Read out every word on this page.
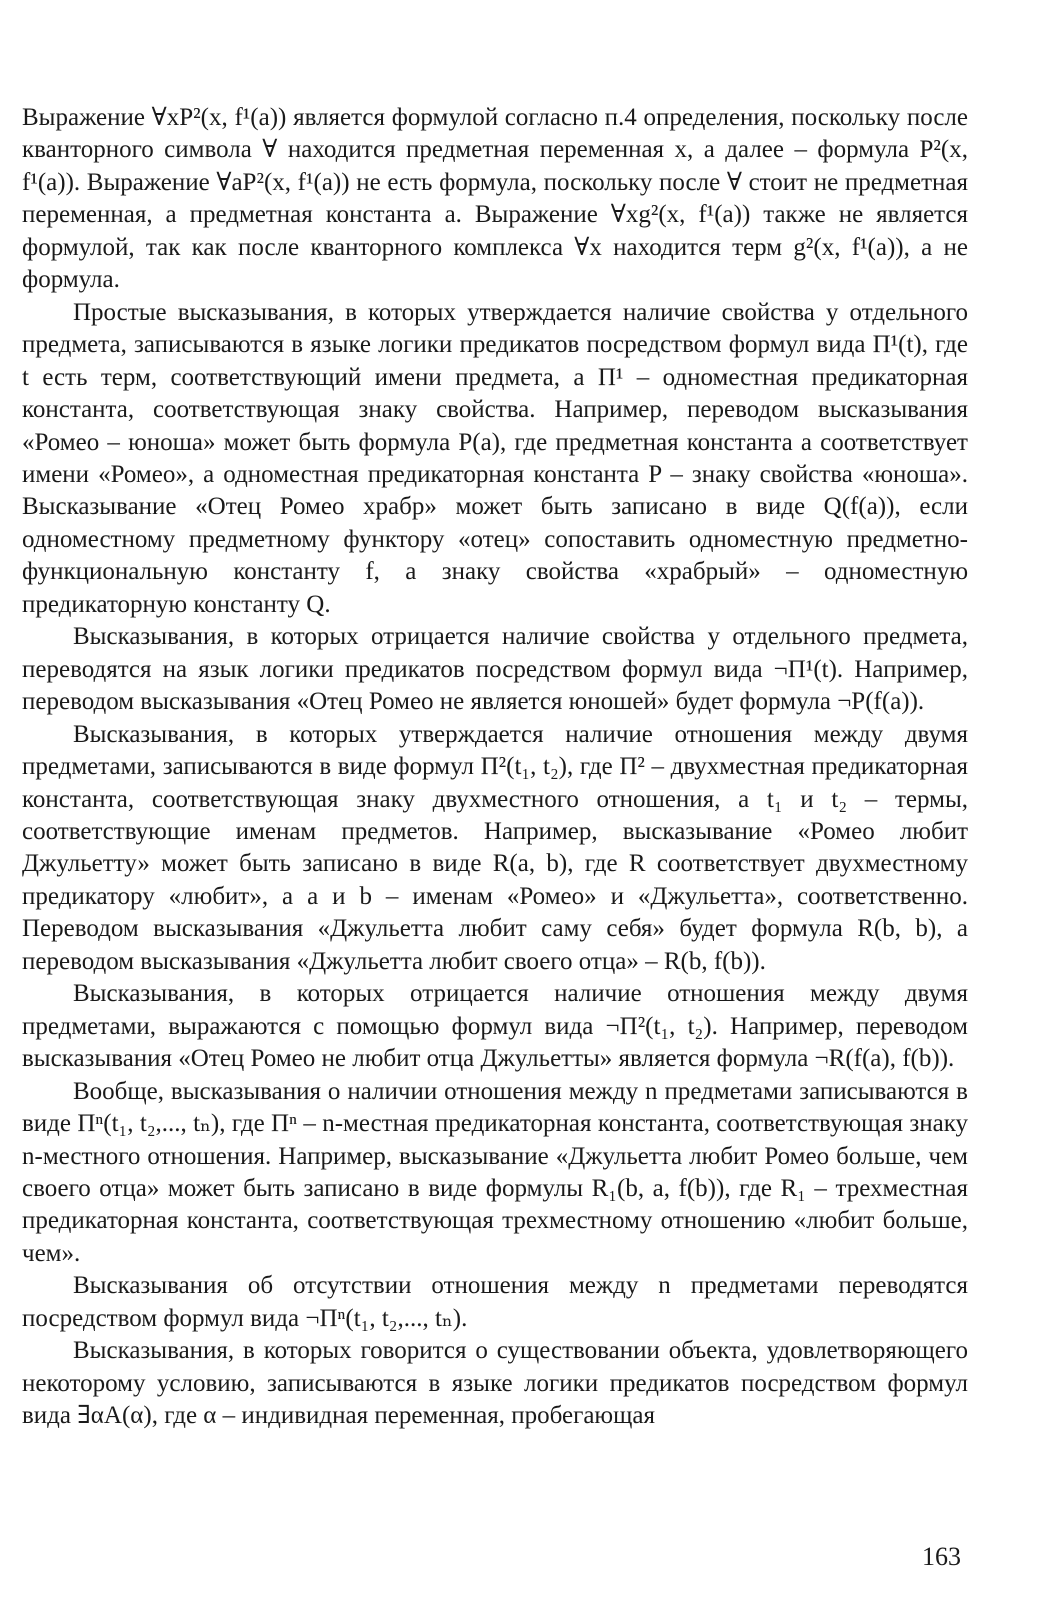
Выражение ∀xP²(x, f¹(a)) является формулой согласно п.4 определения, поскольку после кванторного символа ∀ находится предметная переменная x, а далее – формула P²(x, f¹(a)). Выражение ∀aP²(x, f¹(a)) не есть формула, поскольку после ∀ стоит не предметная переменная, а предметная константа a. Выражение ∀xg²(x, f¹(a)) также не является формулой, так как после кванторного комплекса ∀x находится терм g²(x, f¹(a)), а не формула.

Простые высказывания, в которых утверждается наличие свойства у отдельного предмета, записываются в языке логики предикатов посредством формул вида Π¹(t), где t есть терм, соответствующий имени предмета, а Π¹ – одноместная предикаторная константа, соответствующая знаку свойства. Например, переводом высказывания «Ромео – юноша» может быть формула P(a), где предметная константа a соответствует имени «Ромео», а одноместная предикаторная константа P – знаку свойства «юноша». Высказывание «Отец Ромео храбр» может быть записано в виде Q(f(a)), если одноместному предметному функтору «отец» сопоставить одноместную предметно-функциональную константу f, а знаку свойства «храбрый» – одноместную предикаторную константу Q.

Высказывания, в которых отрицается наличие свойства у отдельного предмета, переводятся на язык логики предикатов посредством формул вида ¬Π¹(t). Например, переводом высказывания «Отец Ромео не является юношей» будет формула ¬P(f(a)).

Высказывания, в которых утверждается наличие отношения между двумя предметами, записываются в виде формул Π²(t₁, t₂), где Π² – двухместная предикаторная константа, соответствующая знаку двухместного отношения, а t₁ и t₂ – термы, соответствующие именам предметов. Например, высказывание «Ромео любит Джульетту» может быть записано в виде R(a, b), где R соответствует двухместному предикатору «любит», а a и b – именам «Ромео» и «Джульетта», соответственно. Переводом высказывания «Джульетта любит саму себя» будет формула R(b, b), а переводом высказывания «Джульетта любит своего отца» – R(b, f(b)).

Высказывания, в которых отрицается наличие отношения между двумя предметами, выражаются с помощью формул вида ¬Π²(t₁, t₂). Например, переводом высказывания «Отец Ромео не любит отца Джульетты» является формула ¬R(f(a), f(b)).

Вообще, высказывания о наличии отношения между n предметами записываются в виде Πⁿ(t₁, t₂,..., tₙ), где Πⁿ – n-местная предикаторная константа, соответствующая знаку n-местного отношения. Например, высказывание «Джульетта любит Ромео больше, чем своего отца» может быть записано в виде формулы R₁(b, a, f(b)), где R₁ – трехместная предикаторная константа, соответствующая трехместному отношению «любит больше, чем».

Высказывания об отсутствии отношения между n предметами переводятся посредством формул вида ¬Πⁿ(t₁, t₂,..., tₙ).

Высказывания, в которых говорится о существовании объекта, удовлетворяющего некоторому условию, записываются в языке логики предикатов посредством формул вида ∃αA(α), где α – индивидная переменная, пробегающая

163
